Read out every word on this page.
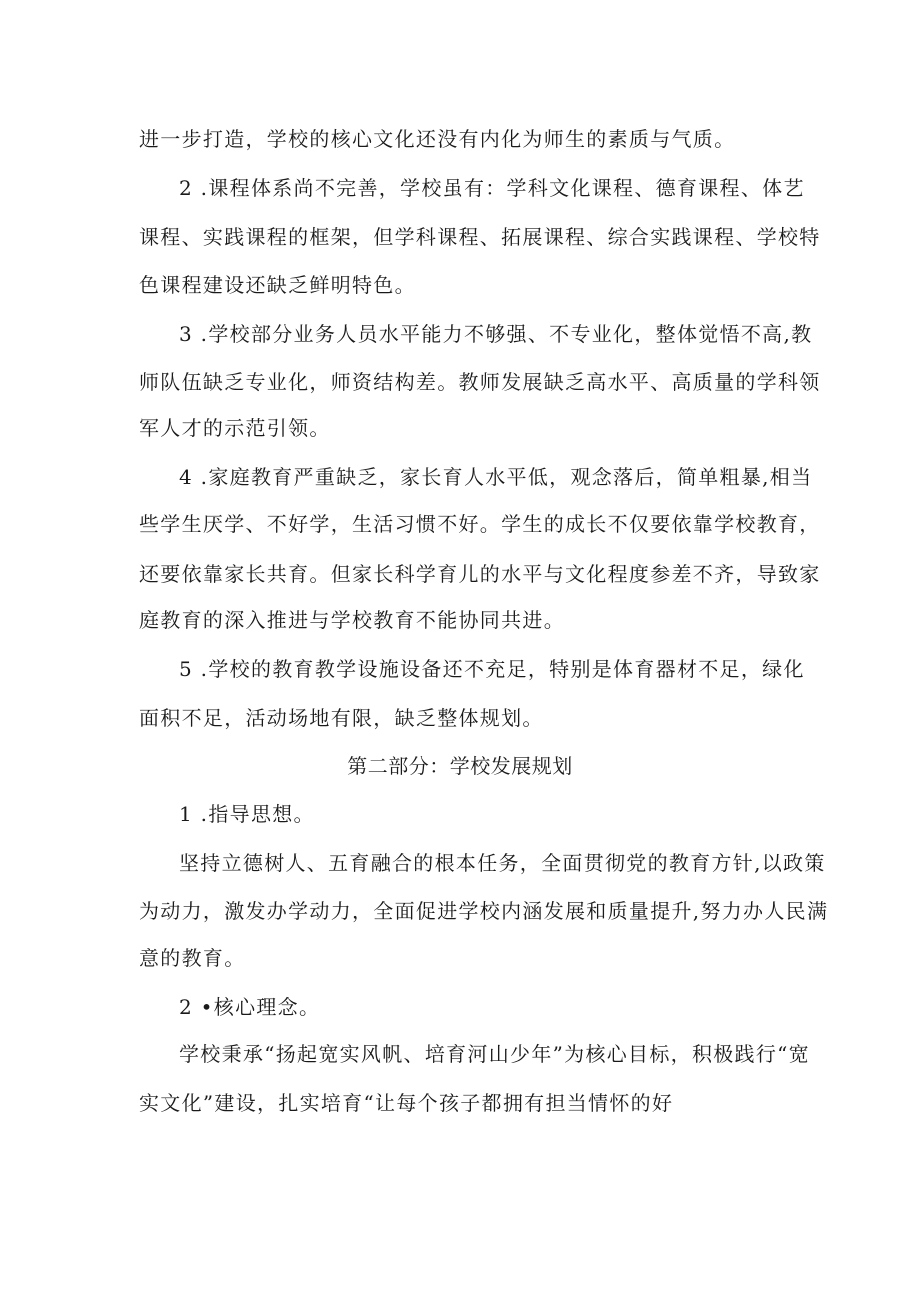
进一步打造，学校的核心文化还没有内化为师生的素质与气质。
2 .课程体系尚不完善，学校虽有：学科文化课程、德育课程、体艺
课程、实践课程的框架，但学科课程、拓展课程、综合实践课程、学校特
色课程建设还缺乏鲜明特色。
3 .学校部分业务人员水平能力不够强、不专业化，整体觉悟不高,教
师队伍缺乏专业化，师资结构差。教师发展缺乏高水平、高质量的学科领
军人才的示范引领。
4 .家庭教育严重缺乏，家长育人水平低，观念落后，简单粗暴,相当
些学生厌学、不好学，生活习惯不好。学生的成长不仅要依靠学校教育，
还要依靠家长共育。但家长科学育儿的水平与文化程度参差不齐，导致家
庭教育的深入推进与学校教育不能协同共进。
5 .学校的教育教学设施设备还不充足，特别是体育器材不足，绿化
面积不足，活动场地有限，缺乏整体规划。
第二部分：学校发展规划
1 .指导思想。
坚持立德树人、五育融合的根本任务，全面贯彻党的教育方针,以政策
为动力，激发办学动力，全面促进学校内涵发展和质量提升,努力办人民满
意的教育。
2 •核心理念。
学校秉承“扬起宽实风帆、培育河山少年”为核心目标，积极践行“宽
实文化”建设，扎实培育“让每个孩子都拥有担当情怀的好
